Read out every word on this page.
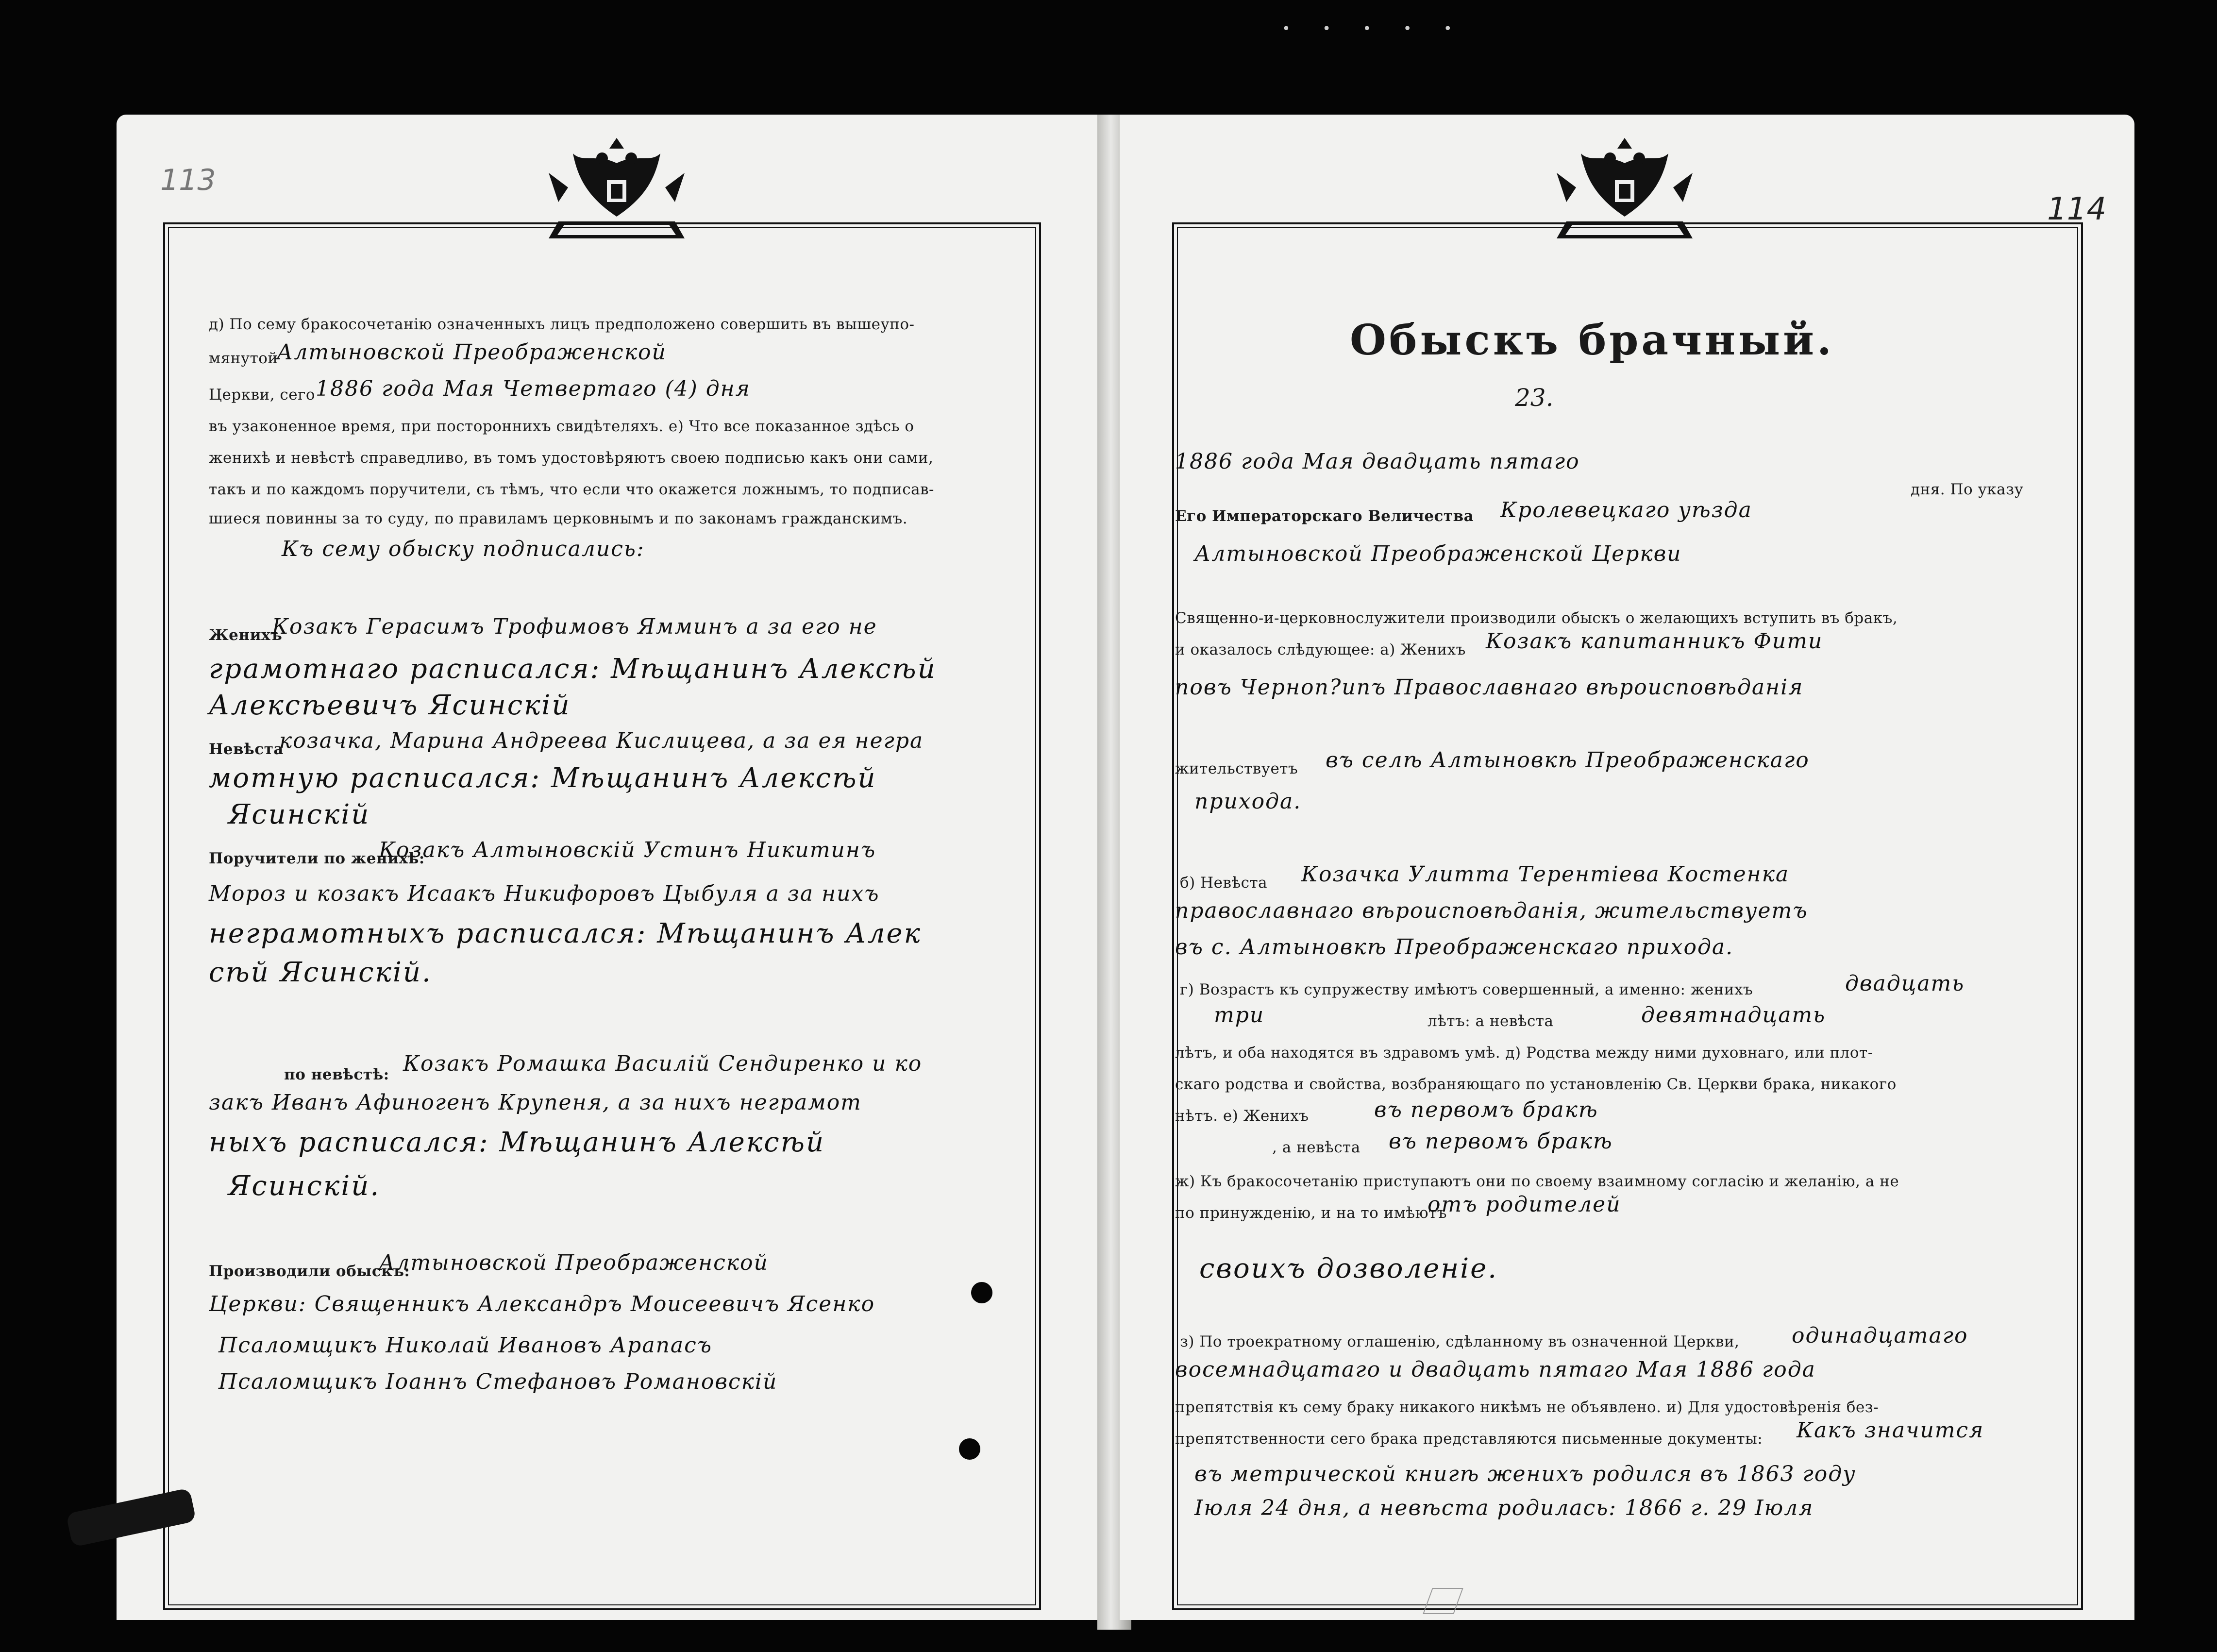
113
114
• • • • •
д) По сему бракосочетанію означенныхъ лицъ предположено совершить въ вышеупо-
мянутой
Алтыновской Преображенской
Церкви, сего 1886 года Мая Четвертаго (4) дня
въ узаконенное время, при постороннихъ свидѣтеляхъ. е) Что все показанное здѣсь о
женихѣ и невѣстѣ справедливо, въ томъ удостовѣряютъ своею подписью какъ они сами,
такъ и по каждомъ поручители, съ тѣмъ, что если что окажется ложнымъ, то подписав-
шиеся повинны за то суду, по правиламъ церковнымъ и по законамъ гражданскимъ.
Къ сему обыску подписались:
Женихъ
Козакъ Герасимъ Трофимовъ Ямминъ а за его не
грамотнаго расписался: Мѣщанинъ Алексѣй
Алексѣевичъ Ясинскій
Невѣста
козачка, Марина Андреева Кислицева, а за ея негра
мотную расписался: Мѣщанинъ Алексѣй
Ясинскій
Поручители по женихѣ:
Козакъ Алтыновскій Устинъ Никитинъ
Мороз и козакъ Исаакъ Никифоровъ Цыбуля а за нихъ
неграмотныхъ расписался: Мѣщанинъ Алек
сѣй Ясинскій.
по невѣстѣ: Козакъ Ромашка Василій Сендиренко и ко
закъ Иванъ Афиногенъ Крупеня, а за нихъ неграмот
ныхъ расписался: Мѣщанинъ Алексѣй
Ясинскій.
Производили обыскъ:
Алтыновской Преображенской
Церкви: Священникъ Александръ Моисеевичъ Ясенко
Псаломщикъ Николай Ивановъ Арапасъ
Псаломщикъ Іоаннъ Стефановъ Романовскій
Обыскъ брачный.
23.
1886 года Мая двадцать пятаго
дня. По указу
Его Императорскаго Величества Кролевецкаго уѣзда
Алтыновской Преображенской Церкви
Священно-и-церковнослужители производили обыскъ о желающихъ вступить въ бракъ,
и оказалось слѣдующее: а) Женихъ Козакъ капитанникъ Фити
повъ Черноп?ипъ Православнаго вѣроисповѣданія
жительствуетъ въ селѣ Алтыновкѣ Преображенскаго
прихода.
б) Невѣста Козачка Улитта Терентіева Костенка
православнаго вѣроисповѣданія, жительствуетъ
въ с. Алтыновкѣ Преображенскаго прихода.
г) Возрастъ къ супружеству имѣютъ совершенный, а именно: женихъ	двадцать
три	лѣтъ: а невѣста	девятнадцать
лѣтъ, и оба находятся въ здравомъ умѣ. д) Родства между ними духовнаго, или плот-
скаго родства и свойства, возбраняющаго по установленію Св. Церкви брака, никакого
нѣтъ. е) Женихъ	въ первомъ бракѣ
, а невѣста въ первомъ бракѣ
ж) Къ бракосочетанію приступаютъ они по своему взаимному согласію и желанію, а не
по принужденію, и на то имѣютъ
отъ родителей
своихъ дозволеніе.
з) По троекратному оглашенію, сдѣланному въ означенной Церкви, одинадцатаго
восемнадцатаго и двадцать пятаго Мая 1886 года
препятствія къ сему браку никакого никѣмъ не объявлено. и) Для удостовѣренія без-
препятственности сего брака представляются письменные документы: Какъ значится
въ метрической книгѣ женихъ родился въ 1863 году
Іюля 24 дня, а невѣста родилась: 1866 г. 29 Іюля
